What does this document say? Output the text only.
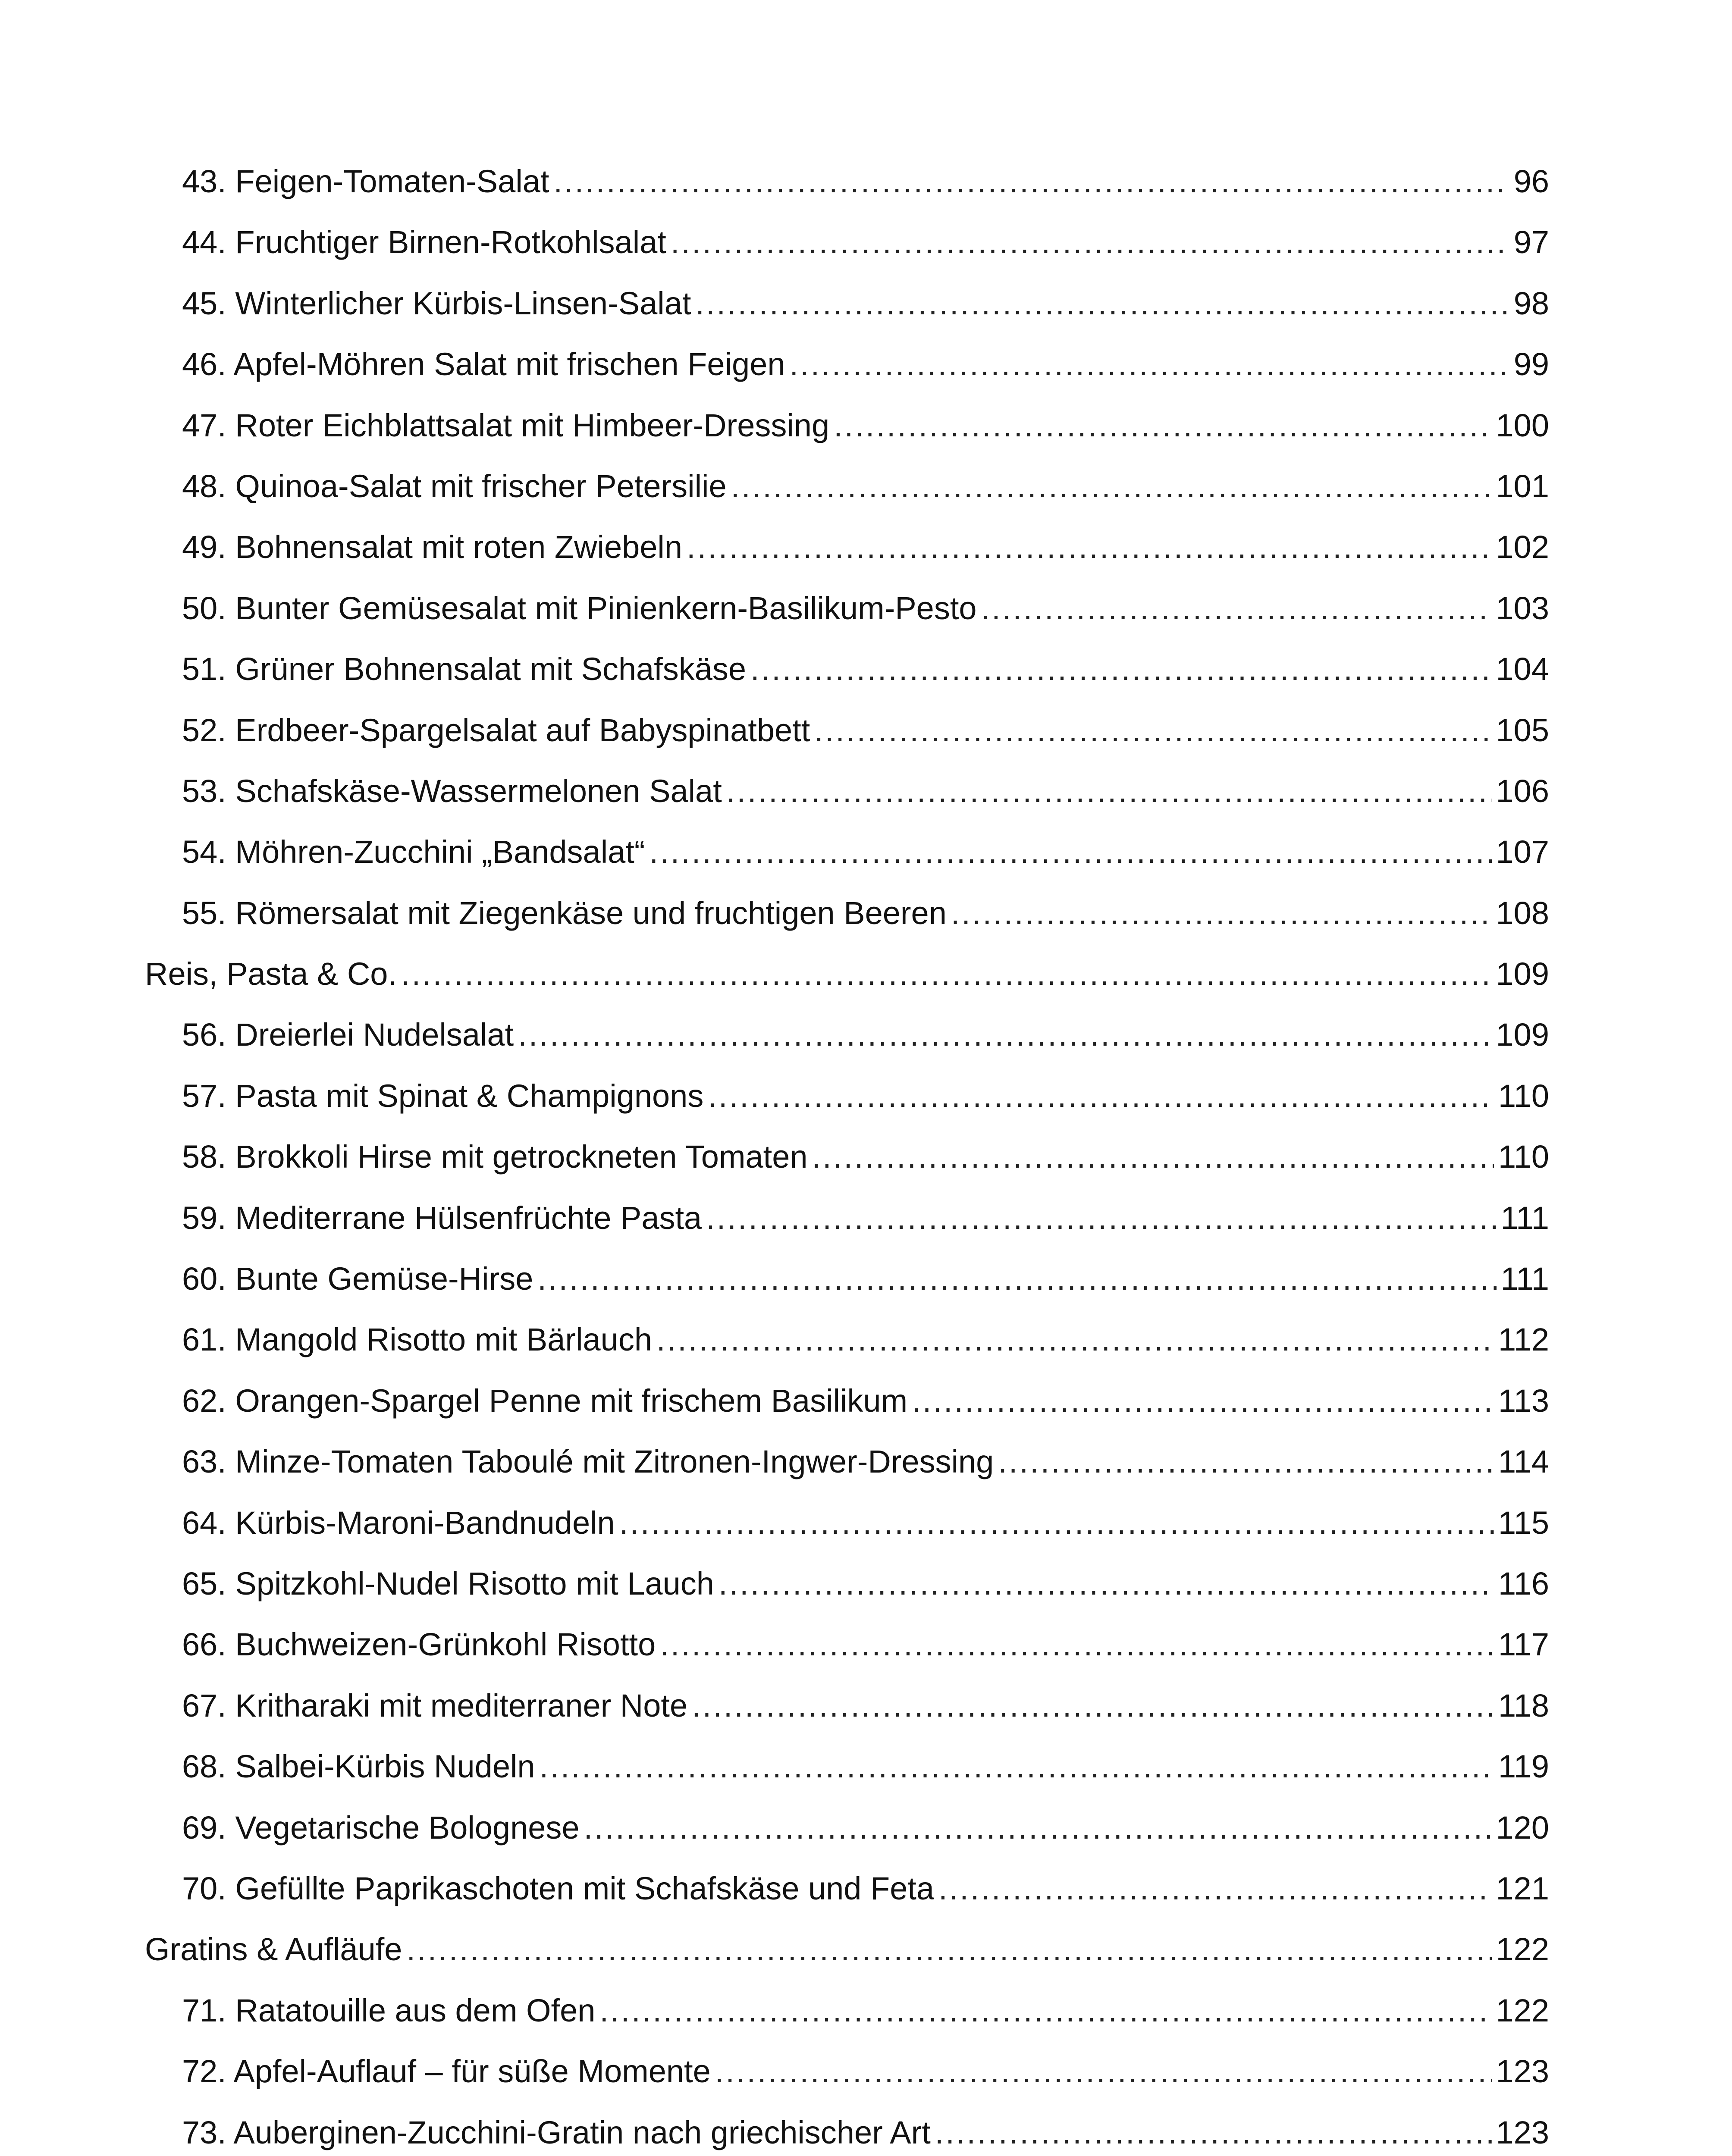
43. Feigen-Tomaten-Salat .....	96
44. Fruchtiger Birnen-Rotkohlsalat .....	97
45. Winterlicher Kürbis-Linsen-Salat .....	98
46. Apfel-Möhren Salat mit frischen Feigen .....	99
47. Roter Eichblattsalat mit Himbeer-Dressing .....	100
48. Quinoa-Salat mit frischer Petersilie .....	101
49. Bohnensalat mit roten Zwiebeln .....	102
50. Bunter Gemüsesalat mit Pinienkern-Basilikum-Pesto .....	103
51. Grüner Bohnensalat mit Schafskäse .....	104
52. Erdbeer-Spargelsalat auf Babyspinatbett .....	105
53. Schafskäse-Wassermelonen Salat .....	106
54. Möhren-Zucchini „Bandsalat“ .....	107
55. Römersalat mit Ziegenkäse und fruchtigen Beeren .....	108
Reis, Pasta & Co. .....	109
56. Dreierlei Nudelsalat .....	109
57. Pasta mit Spinat & Champignons .....	110
58. Brokkoli Hirse mit getrockneten Tomaten .....	110
59. Mediterrane Hülsenfrüchte Pasta .....	111
60. Bunte Gemüse-Hirse .....	111
61. Mangold Risotto mit Bärlauch .....	112
62. Orangen-Spargel Penne mit frischem Basilikum .....	113
63. Minze-Tomaten Taboulé mit Zitronen-Ingwer-Dressing .....	114
64. Kürbis-Maroni-Bandnudeln .....	115
65. Spitzkohl-Nudel Risotto mit Lauch .....	116
66. Buchweizen-Grünkohl Risotto .....	117
67. Kritharaki mit mediterraner Note .....	118
68. Salbei-Kürbis Nudeln .....	119
69. Vegetarische Bolognese .....	120
70. Gefüllte Paprikaschoten mit Schafskäse und Feta .....	121
Gratins & Aufläufe .....	122
71. Ratatouille aus dem Ofen .....	122
72. Apfel-Auflauf – für süße Momente .....	123
73. Auberginen-Zucchini-Gratin nach griechischer Art .....	123
